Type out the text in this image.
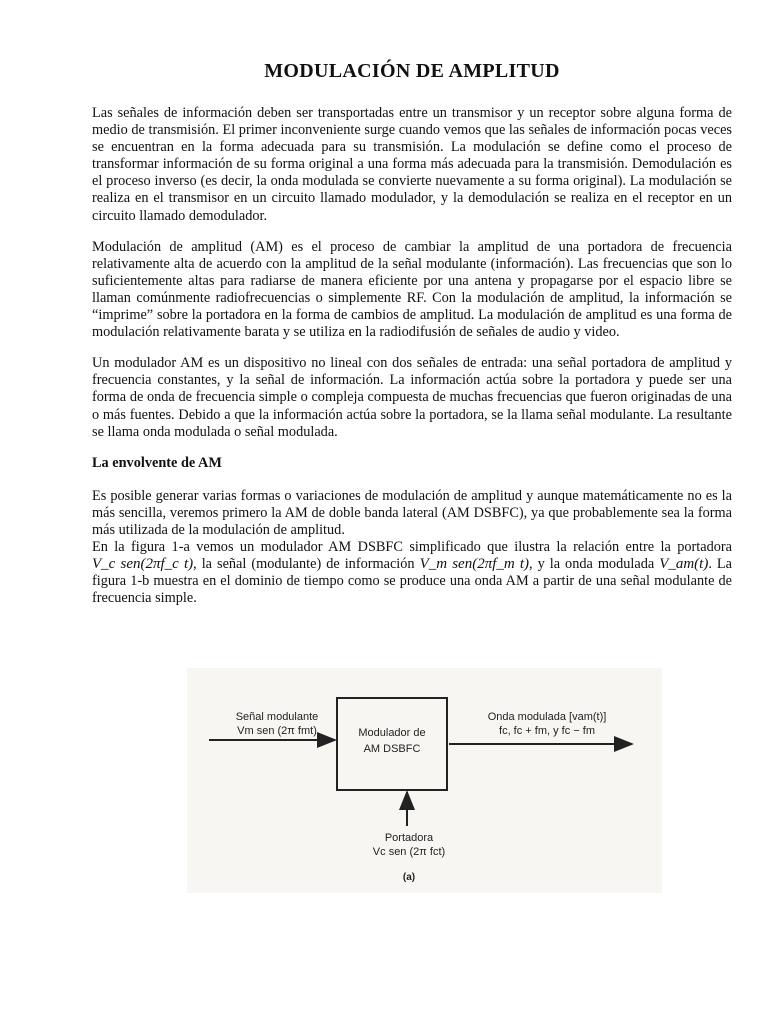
MODULACIÓN DE AMPLITUD

Las señales de información deben ser transportadas entre un transmisor y un receptor sobre alguna forma de medio de transmisión. El primer inconveniente surge cuando vemos que las señales de información pocas veces se encuentran en la forma adecuada para su transmisión. La modulación se define como el proceso de transformar información de su forma original a una forma más adecuada para la transmisión. Demodulación es el proceso inverso (es decir, la onda modulada se convierte nuevamente a su forma original). La modulación se realiza en el transmisor en un circuito llamado modulador, y la demodulación se realiza en el receptor en un circuito llamado demodulador.

Modulación de amplitud (AM) es el proceso de cambiar la amplitud de una portadora de frecuencia relativamente alta de acuerdo con la amplitud de la señal modulante (información). Las frecuencias que son lo suficientemente altas para radiarse de manera eficiente por una antena y propagarse por el espacio libre se llaman comúnmente radiofrecuencias o simplemente RF. Con la modulación de amplitud, la información se “imprime” sobre la portadora en la forma de cambios de amplitud. La modulación de amplitud es una forma de modulación relativamente barata y se utiliza en la radiodifusión de señales de audio y video.

Un modulador AM es un dispositivo no lineal con dos señales de entrada: una señal portadora de amplitud y frecuencia constantes, y la señal de información. La información actúa sobre la portadora y puede ser una forma de onda de frecuencia simple o compleja compuesta de muchas frecuencias que fueron originadas de una o más fuentes. Debido a que la información actúa sobre la portadora, se la llama señal modulante. La resultante se llama onda modulada o señal modulada.

La envolvente de AM

Es posible generar varias formas o variaciones de modulación de amplitud y aunque matemáticamente no es la más sencilla, veremos primero la AM de doble banda lateral (AM DSBFC), ya que probablemente sea la forma más utilizada de la modulación de amplitud.

En la figura 1-a vemos un modulador AM DSBFC simplificado que ilustra la relación entre la portadora V_c sen(2πf_c t), la señal (modulante) de información V_m sen(2πf_m t), y la onda modulada V_am(t). La figura 1-b muestra en el dominio de tiempo como se produce una onda AM a partir de una señal modulante de frecuencia simple.

Modulador de
AM DSBFC
Señal modulante
Vm sen (2π fmt)
Onda modulada [vam(t)]
fc, fc + fm, y fc − fm
Portadora
Vc sen (2π fct)
(a)
